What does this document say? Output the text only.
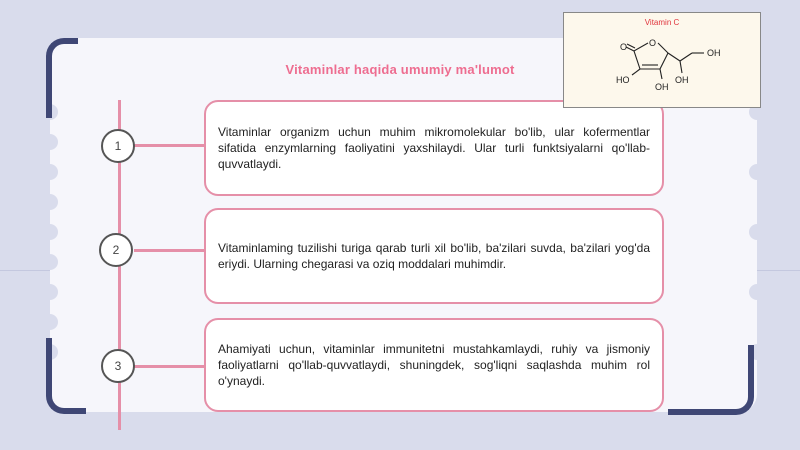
Vitaminlar haqida umumiy ma'lumot
1

Vitaminlar organizm uchun muhim mikromolekular bo'lib, ular kofermentlar sifatida enzymlarning faoliyatini yaxshilaydi. Ular turli funktsiyalarni qo'llab-quvvatlaydi.

2	Vitaminlaming tuzilishi turiga qarab turli xil bo'lib, ba'zilari suvda, ba'zilari yog'da eriydi. Ularning chegarasi va oziq moddalari muhimdir.

3

Ahamiyati uchun, vitaminlar immunitetni mustahkamlaydi, ruhiy va jismoniy faoliyatlarni qo'llab-quvvatlaydi, shuningdek, sog'liqni saqlashda muhim rol o'ynaydi.

Vitamin C
O O
OH
HO	OH
OH
